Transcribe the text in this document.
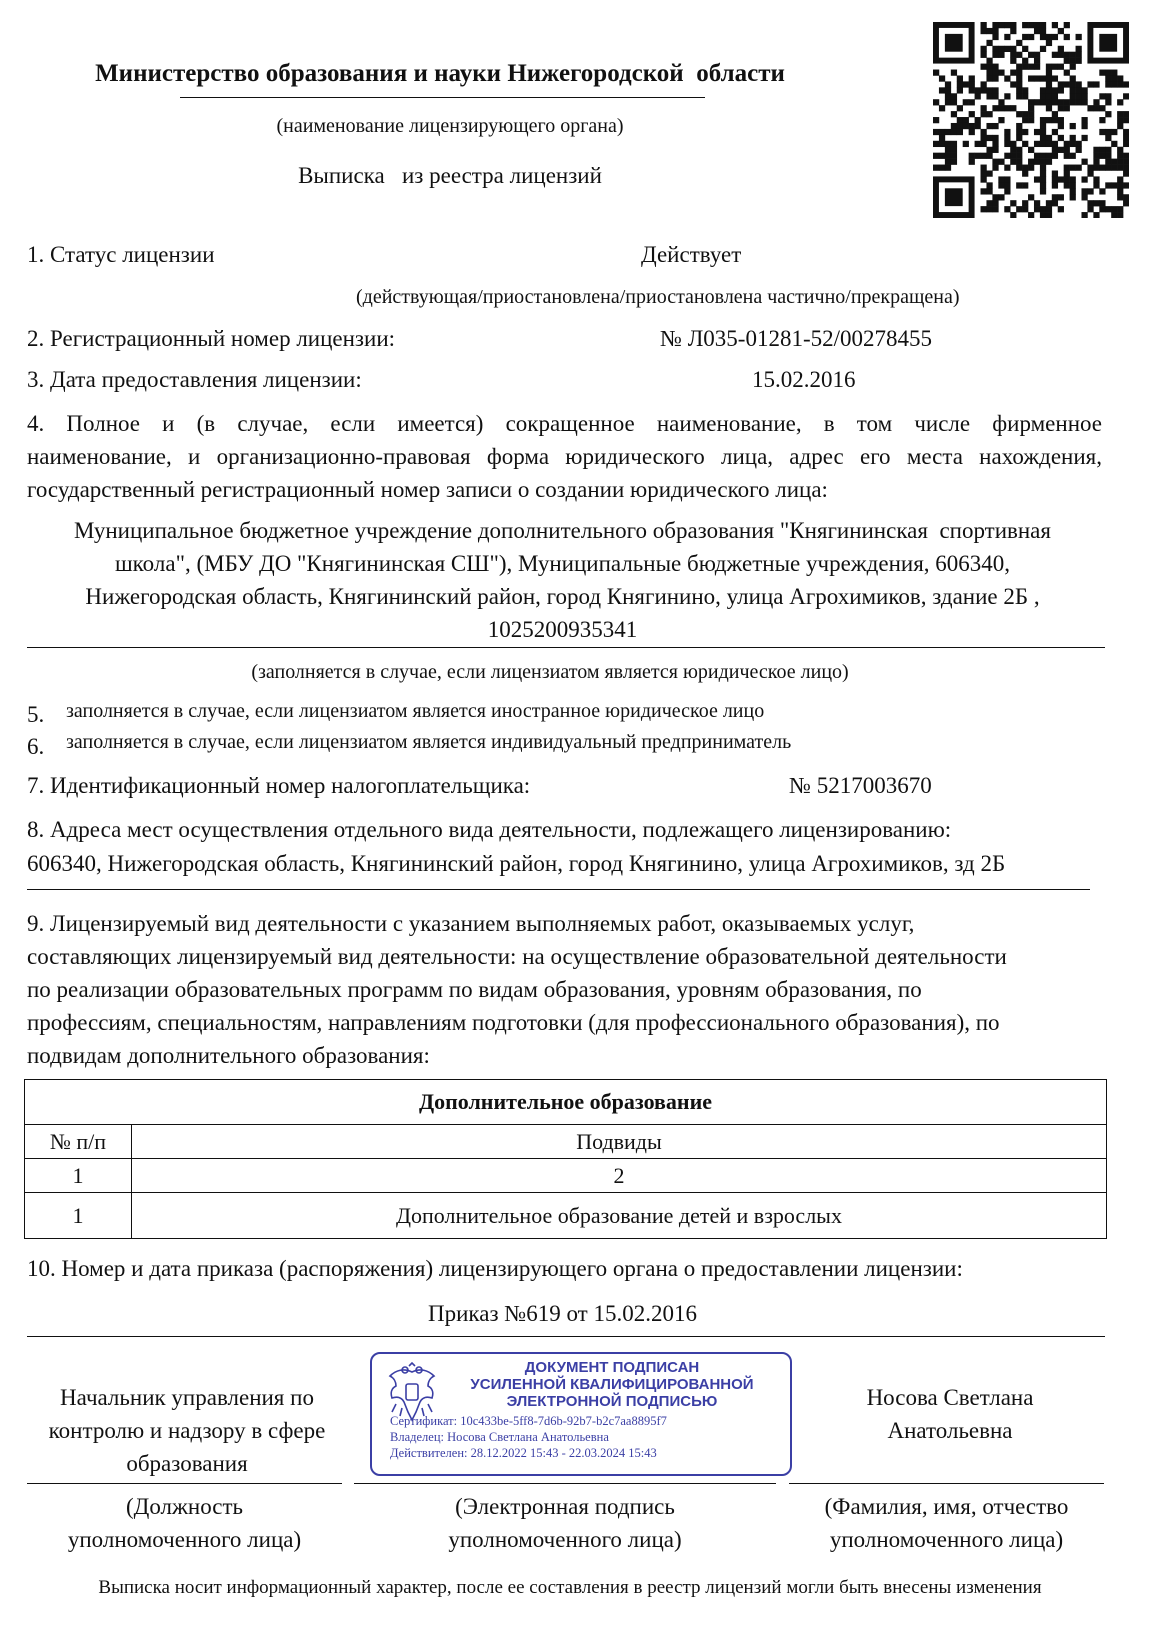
Министерство образования и науки Нижегородской  области
(наименование лицензирующего органа)
Выписка   из реестра лицензий
1. Статус лицензии	Действует
(действующая/приостановлена/приостановлена частично/прекращена)
2. Регистрационный номер лицензии:	№ Л035-01281-52/00278455
3. Дата предоставления лицензии:	15.02.2016
4. Полное и (в случае, если имеется) сокращенное наименование, в том числе фирменное
наименование, и организационно-правовая форма юридического лица, адрес его места нахождения,
государственный регистрационный номер записи о создании юридического лица:
Муниципальное бюджетное учреждение дополнительного образования "Княгининская  спортивная
школа", (МБУ ДО "Княгининская СШ"), Муниципальные бюджетные учреждения, 606340,
Нижегородская область, Княгининский район, город Княгинино, улица Агрохимиков, здание 2Б ,
1025200935341
(заполняется в случае, если лицензиатом является юридическое лицо)
5. заполняется в случае, если лицензиатом является иностранное юридическое лицо
6. заполняется в случае, если лицензиатом является индивидуальный предприниматель
7. Идентификационный номер налогоплательщика:	№ 5217003670
8. Адреса мест осуществления отдельного вида деятельности, подлежащего лицензированию:
606340, Нижегородская область, Княгининский район, город Княгинино, улица Агрохимиков, зд 2Б
9. Лицензируемый вид деятельности с указанием выполняемых работ, оказываемых услуг,
составляющих лицензируемый вид деятельности: на осуществление образовательной деятельности
по реализации образовательных программ по видам образования, уровням образования, по
профессиям, специальностям, направлениям подготовки (для профессионального образования), по
подвидам дополнительного образования:
Дополнительное образование	
№ п/п	Подвиды
1	2
1	Дополнительное образование детей и взрослых
10. Номер и дата приказа (распоряжения) лицензирующего органа о предоставлении лицензии:
Приказ №619 от 15.02.2016
Начальник управления по
контролю и надзору в сфере
образования
ДОКУМЕНТ ПОДПИСАН
УСИЛЕННОЙ КВАЛИФИЦИРОВАННОЙ
ЭЛЕКТРОННОЙ ПОДПИСЬЮ
Сертификат: 10c433be-5ff8-7d6b-92b7-b2c7aa8895f7
Владелец: Носова Светлана Анатольевна
Действителен: 28.12.2022 15:43 - 22.03.2024 15:43
Носова Светлана
Анатольевна
(Должность
уполномоченного лица)
(Электронная подпись
уполномоченного лица)
(Фамилия, имя, отчество
уполномоченного лица)
Выписка носит информационный характер, после ее составления в реестр лицензий могли быть внесены изменения
